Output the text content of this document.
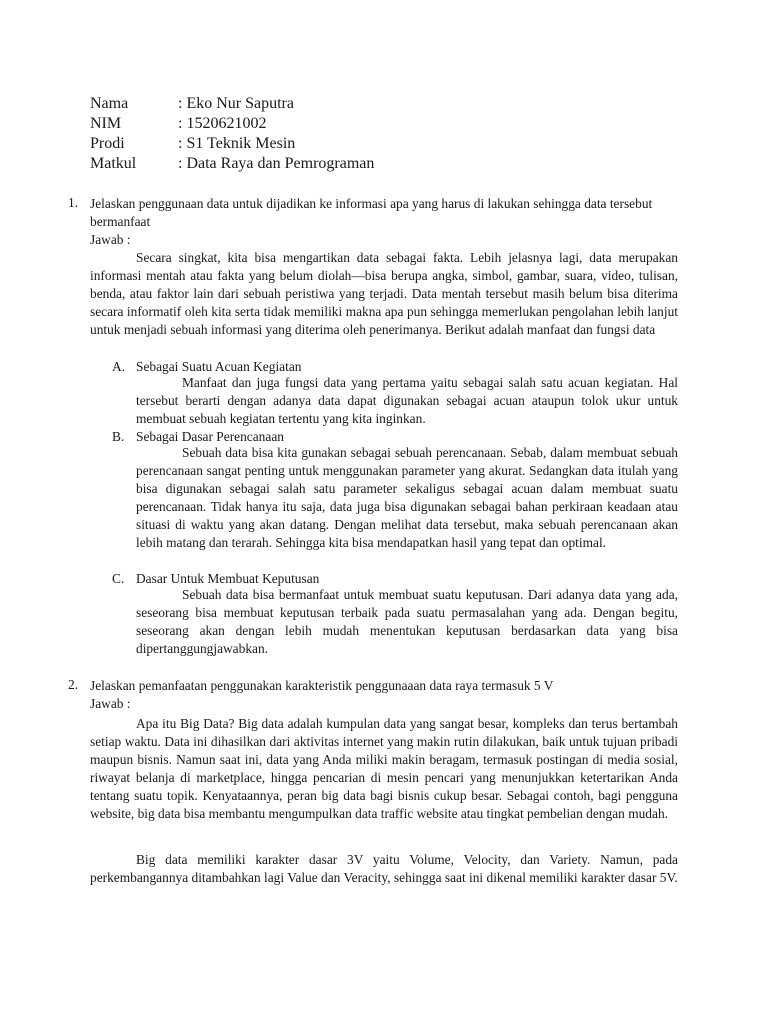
Nama	: Eko Nur Saputra
NIM	: 1520621002
Prodi	: S1 Teknik Mesin
Matkul	: Data Raya dan Pemrograman
1. Jelaskan penggunaan data untuk dijadikan ke informasi apa yang harus di lakukan sehingga data tersebut bermanfaat
Jawab :
Secara singkat, kita bisa mengartikan data sebagai fakta. Lebih jelasnya lagi, data merupakan informasi mentah atau fakta yang belum diolah—bisa berupa angka, simbol, gambar, suara, video, tulisan, benda, atau faktor lain dari sebuah peristiwa yang terjadi. Data mentah tersebut masih belum bisa diterima secara informatif oleh kita serta tidak memiliki makna apa pun sehingga memerlukan pengolahan lebih lanjut untuk menjadi sebuah informasi yang diterima oleh penerimanya. Berikut adalah manfaat dan fungsi data
A. Sebagai Suatu Acuan Kegiatan
Manfaat dan juga fungsi data yang pertama yaitu sebagai salah satu acuan kegiatan. Hal tersebut berarti dengan adanya data dapat digunakan sebagai acuan ataupun tolok ukur untuk membuat sebuah kegiatan tertentu yang kita inginkan.
B. Sebagai Dasar Perencanaan
Sebuah data bisa kita gunakan sebagai sebuah perencanaan. Sebab, dalam membuat sebuah perencanaan sangat penting untuk menggunakan parameter yang akurat. Sedangkan data itulah yang bisa digunakan sebagai salah satu parameter sekaligus sebagai acuan dalam membuat suatu perencanaan. Tidak hanya itu saja, data juga bisa digunakan sebagai bahan perkiraan keadaan atau situasi di waktu yang akan datang. Dengan melihat data tersebut, maka sebuah perencanaan akan lebih matang dan terarah. Sehingga kita bisa mendapatkan hasil yang tepat dan optimal.
C. Dasar Untuk Membuat Keputusan
Sebuah data bisa bermanfaat untuk membuat suatu keputusan. Dari adanya data yang ada, seseorang bisa membuat keputusan terbaik pada suatu permasalahan yang ada. Dengan begitu, seseorang akan dengan lebih mudah menentukan keputusan berdasarkan data yang bisa dipertanggungjawabkan.
2. Jelaskan pemanfaatan penggunakan karakteristik penggunaaan data raya termasuk 5 V
Jawab :
Apa itu Big Data? Big data adalah kumpulan data yang sangat besar, kompleks dan terus bertambah setiap waktu. Data ini dihasilkan dari aktivitas internet yang makin rutin dilakukan, baik untuk tujuan pribadi maupun bisnis. Namun saat ini, data yang Anda miliki makin beragam, termasuk postingan di media sosial, riwayat belanja di marketplace, hingga pencarian di mesin pencari yang menunjukkan ketertarikan Anda tentang suatu topik. Kenyataannya, peran big data bagi bisnis cukup besar. Sebagai contoh, bagi pengguna website, big data bisa membantu mengumpulkan data traffic website atau tingkat pembelian dengan mudah.
Big data memiliki karakter dasar 3V yaitu Volume, Velocity, dan Variety. Namun, pada perkembangannya ditambahkan lagi Value dan Veracity, sehingga saat ini dikenal memiliki karakter dasar 5V.
